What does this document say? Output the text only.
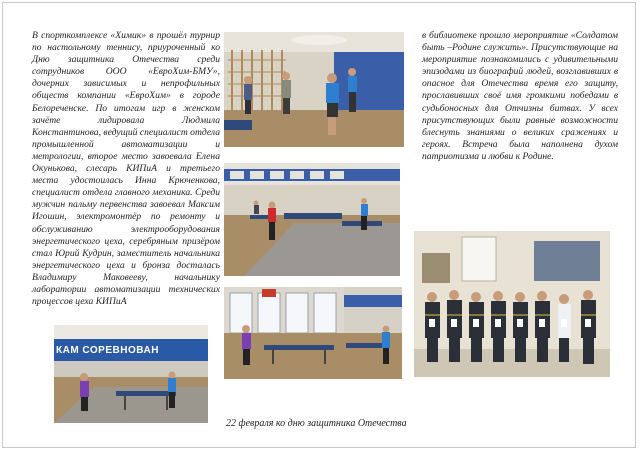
В спорткомплексе «Химик» в прошёл турнир по настольному теннису, приуроченный ко Дню защитника Отечества среди сотрудников ООО «ЕвроХим-БМУ», дочерних зависимых и непрофильных обществ компании «ЕвроХим» в городе Белореченске. По итогам игр в женском зачёте лидировала Людмила Константинова, ведущий специалист отдела промышленной автоматизации и метрологии, второе место завоевала Елена Окунькова, слесарь КИПиА и третьего места удостоилась Инна Крюченкова, специалист отдела главного механика. Среди мужчин пальму первенства завоевал Максим Игошин, электромонтёр по ремонту и обслуживанию электрооборудования энергетического цеха, серебряным призёром стал Юрий Кудрин, заместитель начальника энергетического цеха и бронза досталась Владимиру Маковееву, начальнику лаборатории автоматизации технических процессов цеха КИПиА
в библиотеке прошло мероприятие «Солдатом быть –Родине служить». Присутствующие на мероприятие познакомились с удивительными эпизодами из биографий людей, возглавивших в опасное для Отечества время его защиту, прославивших своё имя громкими победами в судьбоносных для Отчизны битвах. У всех присутствующих были равные возможности блеснуть знаниями о великих сражениях и героях. Встреча была наполнена духом патриотизма и любви к Родине.
КАМ СОРЕВНОВАН
22 февраля ко дню защитника Отечества
